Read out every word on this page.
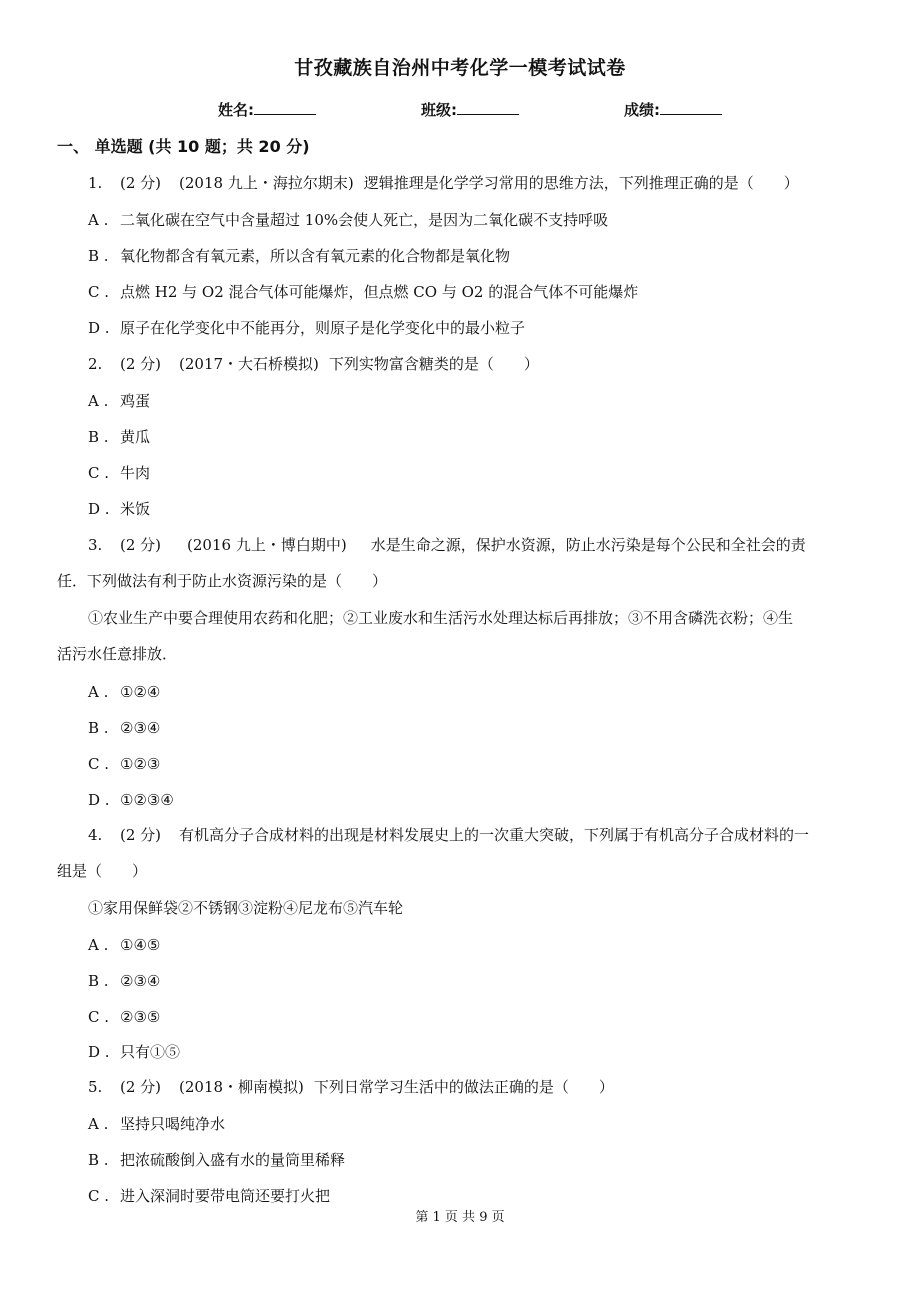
甘孜藏族自治州中考化学一模考试试卷
姓名:	班级:	成绩:
一、 单选题 (共 10 题；共 20 分)
1. (2 分) (2018 九上・海拉尔期末) 逻辑推理是化学学习常用的思维方法，下列推理正确的是（　　）
A . 二氧化碳在空气中含量超过 10%会使人死亡，是因为二氧化碳不支持呼吸
B . 氧化物都含有氧元素，所以含有氧元素的化合物都是氧化物
C . 点燃 H2 与 O2 混合气体可能爆炸，但点燃 CO 与 O2 的混合气体不可能爆炸
D . 原子在化学变化中不能再分，则原子是化学变化中的最小粒子
2. (2 分) (2017・大石桥模拟) 下列实物富含糖类的是（　　）
A . 鸡蛋
B . 黄瓜
C . 牛肉
D . 米饭
3. (2 分) (2016 九上・博白期中) 水是生命之源，保护水资源，防止水污染是每个公民和全社会的责
任．下列做法有利于防止水资源污染的是（　　）
①农业生产中要合理使用农药和化肥；②工业废水和生活污水处理达标后再排放；③不用含磷洗衣粉；④生
活污水任意排放．
A . ①②④
B . ②③④
C . ①②③
D . ①②③④
4. (2 分) 有机高分子合成材料的出现是材料发展史上的一次重大突破，下列属于有机高分子合成材料的一
组是（　　）
①家用保鲜袋②不锈钢③淀粉④尼龙布⑤汽车轮
A . ①④⑤
B . ②③④
C . ②③⑤
D . 只有①⑤
5. (2 分) (2018・柳南模拟) 下列日常学习生活中的做法正确的是（　　）
A . 坚持只喝纯净水
B . 把浓硫酸倒入盛有水的量筒里稀释
C . 进入深洞时要带电筒还要打火把
第 1 页 共 9 页
